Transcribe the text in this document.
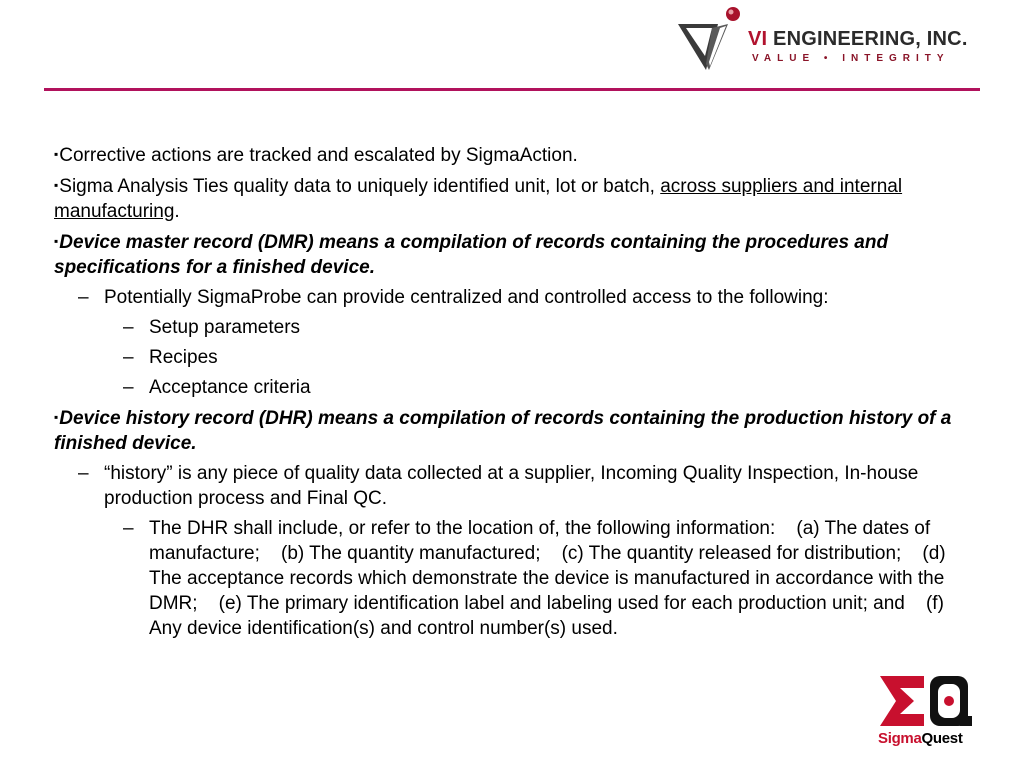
VI ENGINEERING, INC.
VALUE • INTEGRITY

▪Corrective actions are tracked and escalated by SigmaAction.

▪Sigma Analysis Ties quality data to uniquely identified unit, lot or batch, across suppliers and internal manufacturing.

▪Device master record (DMR) means a compilation of records containing the procedures and specifications for a finished device.

– Potentially SigmaProbe can provide centralized and controlled access to the following:

– Setup parameters

– Recipes

– Acceptance criteria

▪Device history record (DHR) means a compilation of records containing the production history of a finished device.

– “history” is any piece of quality data collected at a supplier, Incoming Quality Inspection, In-house production process and Final QC.

– The DHR shall include, or refer to the location of, the following information:    (a) The dates of manufacture;    (b) The quantity manufactured;    (c) The quantity released for distribution;    (d) The acceptance records which demonstrate the device is manufactured in accordance with the DMR;    (e) The primary identification label and labeling used for each production unit; and    (f) Any device identification(s) and control number(s) used.

SigmaQuest
